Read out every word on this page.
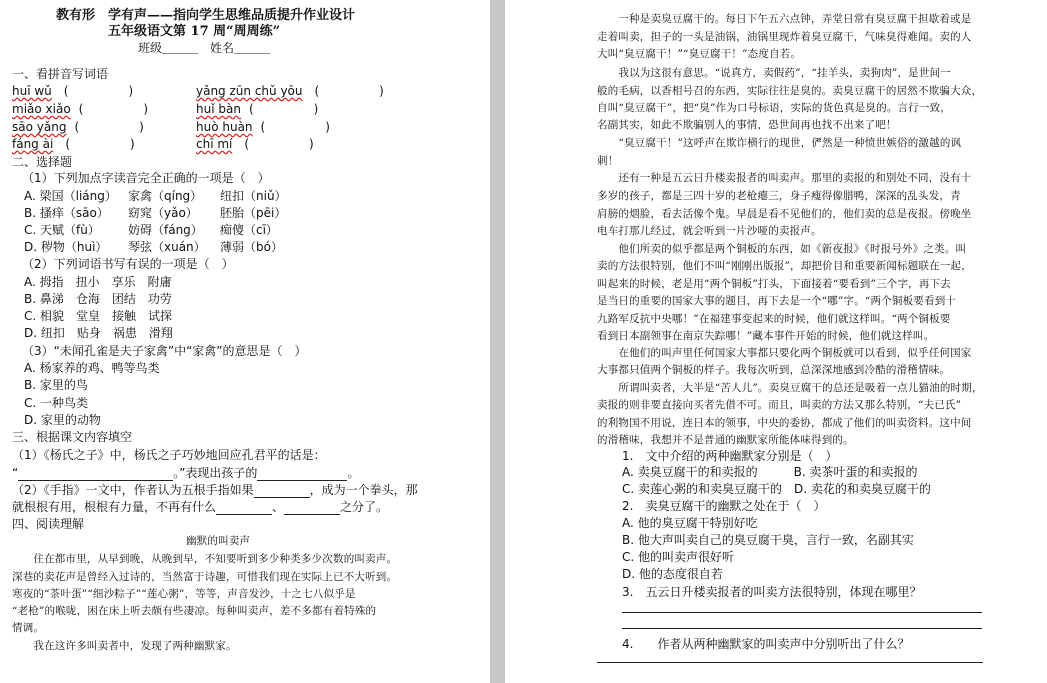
教有形　学有声——指向学生思维品质提升作业设计
五年级语文第 17 周“周周练”
班级＿＿＿　姓名＿＿＿
一、看拼音写词语
huī wǔ (　　　　　)	yǎng zūn chǔ yōu (　　　　　)
miǎo xiǎo (　　　　　)	huǐ bàn (　　　　　)
sāo yǎng (　　　　　)	huò huàn (　　　　　)
fáng ài (　　　　　)	chī mí (　　　　　)
二、选择题
（1）下列加点字读音完全正确的一项是（　）
A. 梁国（liáng） 家禽（qíng） 纽扣（niǔ）
B. 搔痒（sāo） 窈窕（yǎo） 胚胎（pēi）
C. 天赋（fù） 妨碍（fáng） 痴傻（cī）
D. 秽物（huì） 琴弦（xuán） 薄弱（bó）
（2）下列词语书写有误的一项是（　）
A. 拇指　扭小　享乐　附庸
B. 鼻涕　仓海　团结　功劳
C. 相貌　堂皇　接触　试探
D. 纽扣　贴身　祸患　滑翔
（3）“未闻孔雀是夫子家禽”中“家禽”的意思是（　）
A. 杨家养的鸡、鸭等鸟类
B. 家里的鸟
C. 一种鸟类
D. 家里的动物
三、根据课文内容填空
（1）《杨氏之子》中，杨氏之子巧妙地回应孔君平的话是：
“	。”表现出孩子的	。
（2）《手指》一文中，作者认为五根手指如果	，成为一个拳头，那
就根根有用，根根有力量，不再有什么	、	之分了。
四、阅读理解
幽默的叫卖声
　　住在都市里，从早到晚，从晚到早，不知要听到多少种类多少次数的叫卖声。
深巷的卖花声是曾经入过诗的，当然富于诗趣，可惜我们现在实际上已不大听到。
寒夜的“茶叶蛋”“细沙粽子”“莲心粥”，等等，声音发沙，十之七八似乎是
“老枪”的喉咙，困在床上听去颇有些凄凉。每种叫卖声，差不多都有着特殊的
情调。
　　我在这许多叫卖者中，发现了两种幽默家。
　　一种是卖臭豆腐干的。每日下午五六点钟，弄堂日常有臭豆腐干担歇着或是
走着叫卖，担子的一头是油锅，油锅里现炸着臭豆腐干，气味臭得难闻。卖的人
大叫“臭豆腐干！”“臭豆腐干！”态度自若。
　　我以为这很有意思。“说真方，卖假药”，“挂羊头，卖狗肉”，是世间一
般的毛病，以香相号召的东西，实际往往是臭的。卖臭豆腐干的居然不欺骗大众，
自叫“臭豆腐干”，把“臭”作为口号标语，实际的货色真是臭的。言行一致，
名副其实，如此不欺骗别人的事情，恐世间再也找不出来了吧！
　　“臭豆腐干！”这呼声在欺诈横行的现世，俨然是一种愤世嫉俗的激越的讽
刺！
　　还有一种是五云日升楼卖报者的叫卖声。那里的卖报的和别处不同，没有十
多岁的孩子，都是三四十岁的老枪瘪三，身子瘦得像腊鸭，深深的乱头发，青
肩膀的烟脸，看去活像个鬼。早晨是看不见他们的，他们卖的总是夜报。傍晚坐
电车打那儿经过，就会听到一片沙哑的卖报声。
　　他们所卖的似乎都是两个铜板的东西，如《新夜报》《时报号外》之类。叫
卖的方法很特别，他们不叫“刚刚出版报”，却把价目和重要新闻标题联在一起，
叫起来的时候，老是用“两个铜板”打头，下面接着“要看到”三个字，再下去
是当日的重要的国家大事的题目，再下去是一个“哪”字。“两个铜板要看到十
九路军反抗中央哪！”在福建事变起来的时候，他们就这样叫。“两个铜板要
看到日本副领事在南京失踪哪！”藏本事件开始的时候，他们就这样叫。
　　在他们的叫声里任何国家大事都只要化两个铜板就可以看到，似乎任何国家
大事都只值两个铜板的样子。我每次听到，总深深地感到冷酷的滑稽情味。
　　所谓叫卖者，大半是“苦人儿”。卖臭豆腐干的总还是吸着一点儿猫油的时期，
卖报的则非要直接向买者先借不可。而且，叫卖的方法又那么特别，“夫已氏”
的利物国不用说，连日本的领事，中央的委协，都成了他们的叫卖资料。这中间
的滑稽味，我想并不是普通的幽默家所能体味得到的。
1.　文中介绍的两种幽默家分别是（　）
A. 卖臭豆腐干的和卖报的　　　B. 卖茶叶蛋的和卖报的
C. 卖莲心粥的和卖臭豆腐干的　D. 卖花的和卖臭豆腐干的
2.　卖臭豆腐干的幽默之处在于（　）
A. 他的臭豆腐干特别好吃
B. 他大声叫卖自己的臭豆腐干臭，言行一致，名副其实
C. 他的叫卖声很好听
D. 他的态度很自若
3.　五云日升楼卖报者的叫卖方法很特别，体现在哪里？
4.　　作者从两种幽默家的叫卖声中分别听出了什么？
